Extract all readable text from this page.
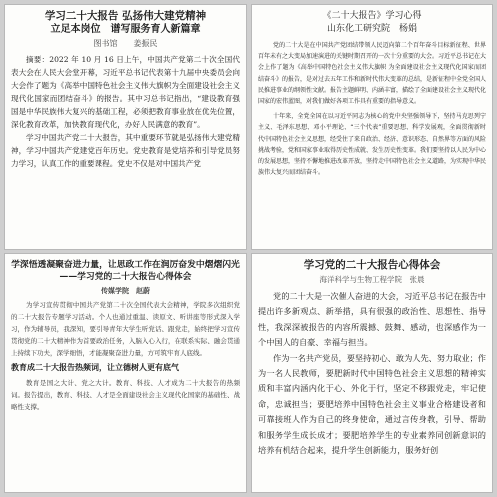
学习二十大报告 弘扬伟大建党精神
立足本岗位　谱写服务育人新篇章
图书馆　　姜振民

摘要：2022 年 10 月 16 日上午，中国共产党第二十次全国代表大会在人民大会堂开幕，习近平总书记代表第十九届中央委员会向大会作了题为《高举中国特色社会主义伟大旗帜为全面建设社会主义现代化国家而团结奋斗》的报告。其中习总书记指出，“建设教育强国是中华民族伟大复兴的基础工程，必须把教育事业放在优先位置，深化教育改革，加快教育现代化，办好人民满意的教育”。

学习中国共产党二十大报告，其中重要环节就是弘扬伟大建党精神，学习中国共产党建党百年历史。党史教育是党培养和引导党员努力学习，认真工作的重要课程。党史不仅是对中国共产党

《二十大报告》学习心得
山东化工研究院　杨娟

党的二十大是在中国共产党团结带领人民迈向第二个百年奋斗目标新征程、世界百年未有之大变局加速演进的关键时期召开的一次十分重要的大会。习近平总书记在大会上作了题为《高举中国特色社会主义伟大旗帜 为全面建设社会主义现代化国家而团结奋斗》的报告，是对过去五年工作和新时代伟大变革的总结，是新征程中全党全国人民推进事业的纲领性文献。报告主题鲜明、内涵丰富，描绘了全面建设社会主义现代化国家的宏伟蓝图，对我们做好各项工作具有重要的指导意义。

十年来，全党全国在以习近平同志为核心的党中央坚强领导下，坚持马克思列宁主义、毛泽东思想、邓小平理论、“三个代表”重要思想、科学发展观，全面贯彻新时代中国特色社会主义思想，经受住了来自政治、经济、意识形态、自然界等方面的风险挑战考验，党和国家事业取得历史性成就、发生历史性变革。我们要坚持以人民为中心的发展思想，坚持不懈地推进改革开放，坚持走中国特色社会主义道路，为实现中华民族伟大复兴而团结奋斗。

学深悟透凝聚奋进力量，让思政工作在润厉奋发中熠熠闪光
——学习党的二十大报告心得体会
传媒学院　赵蔚

为学习宣传贯彻中国共产党第二十次全国代表大会精神，学院多次组织党的二十大报告专题学习活动。个人也通过重温、读原文、听讲座等形式深入学习，作为辅导员，我深知，要引导青年大学生听党话、跟党走，始终把学习宣传贯彻党的二十大精神作为首要政治任务，入脑入心入行，在联系实际、融会贯通上持续下功夫，深学细悟，才能凝聚奋进力量，方可筑牢育人底线。

教育成二十大报告热频词，让立德树人更有底气

教育是国之大计、党之大计。教育、科技、人才成为二十大报告的热频词。报告提出，教育、科技、人才是全面建设社会主义现代化国家的基础性、战略性支撑。

学习党的二十大报告心得体会
海洋科学与生物工程学院　张晨

党的二十大是一次催人奋进的大会，习近平总书记在报告中提出许多新观点、新举措，具有很强的政治性、思想性、指导性，我深深被报告的内容所震撼、鼓舞、感动，也深感作为一个中国人的自豪、幸福与担当。

作为一名共产党员，要坚持初心、敢为人先、努力取业；作为一名人民教师，要肥新时代中国特色社会主义思想的精神实质和丰富内涵内化于心、外化于行，坚定不移跟党走，牢记使命，忠诚担当；要肥培养中国特色社会主义事业合格建设者和可靠接班人作为自己的终身使命，通过言传身教，引导、帮助和服务学生成长成才；要肥培养学生的专业素养同创新意识的培养有机结合起来，提升学生创新能力，服务好创
